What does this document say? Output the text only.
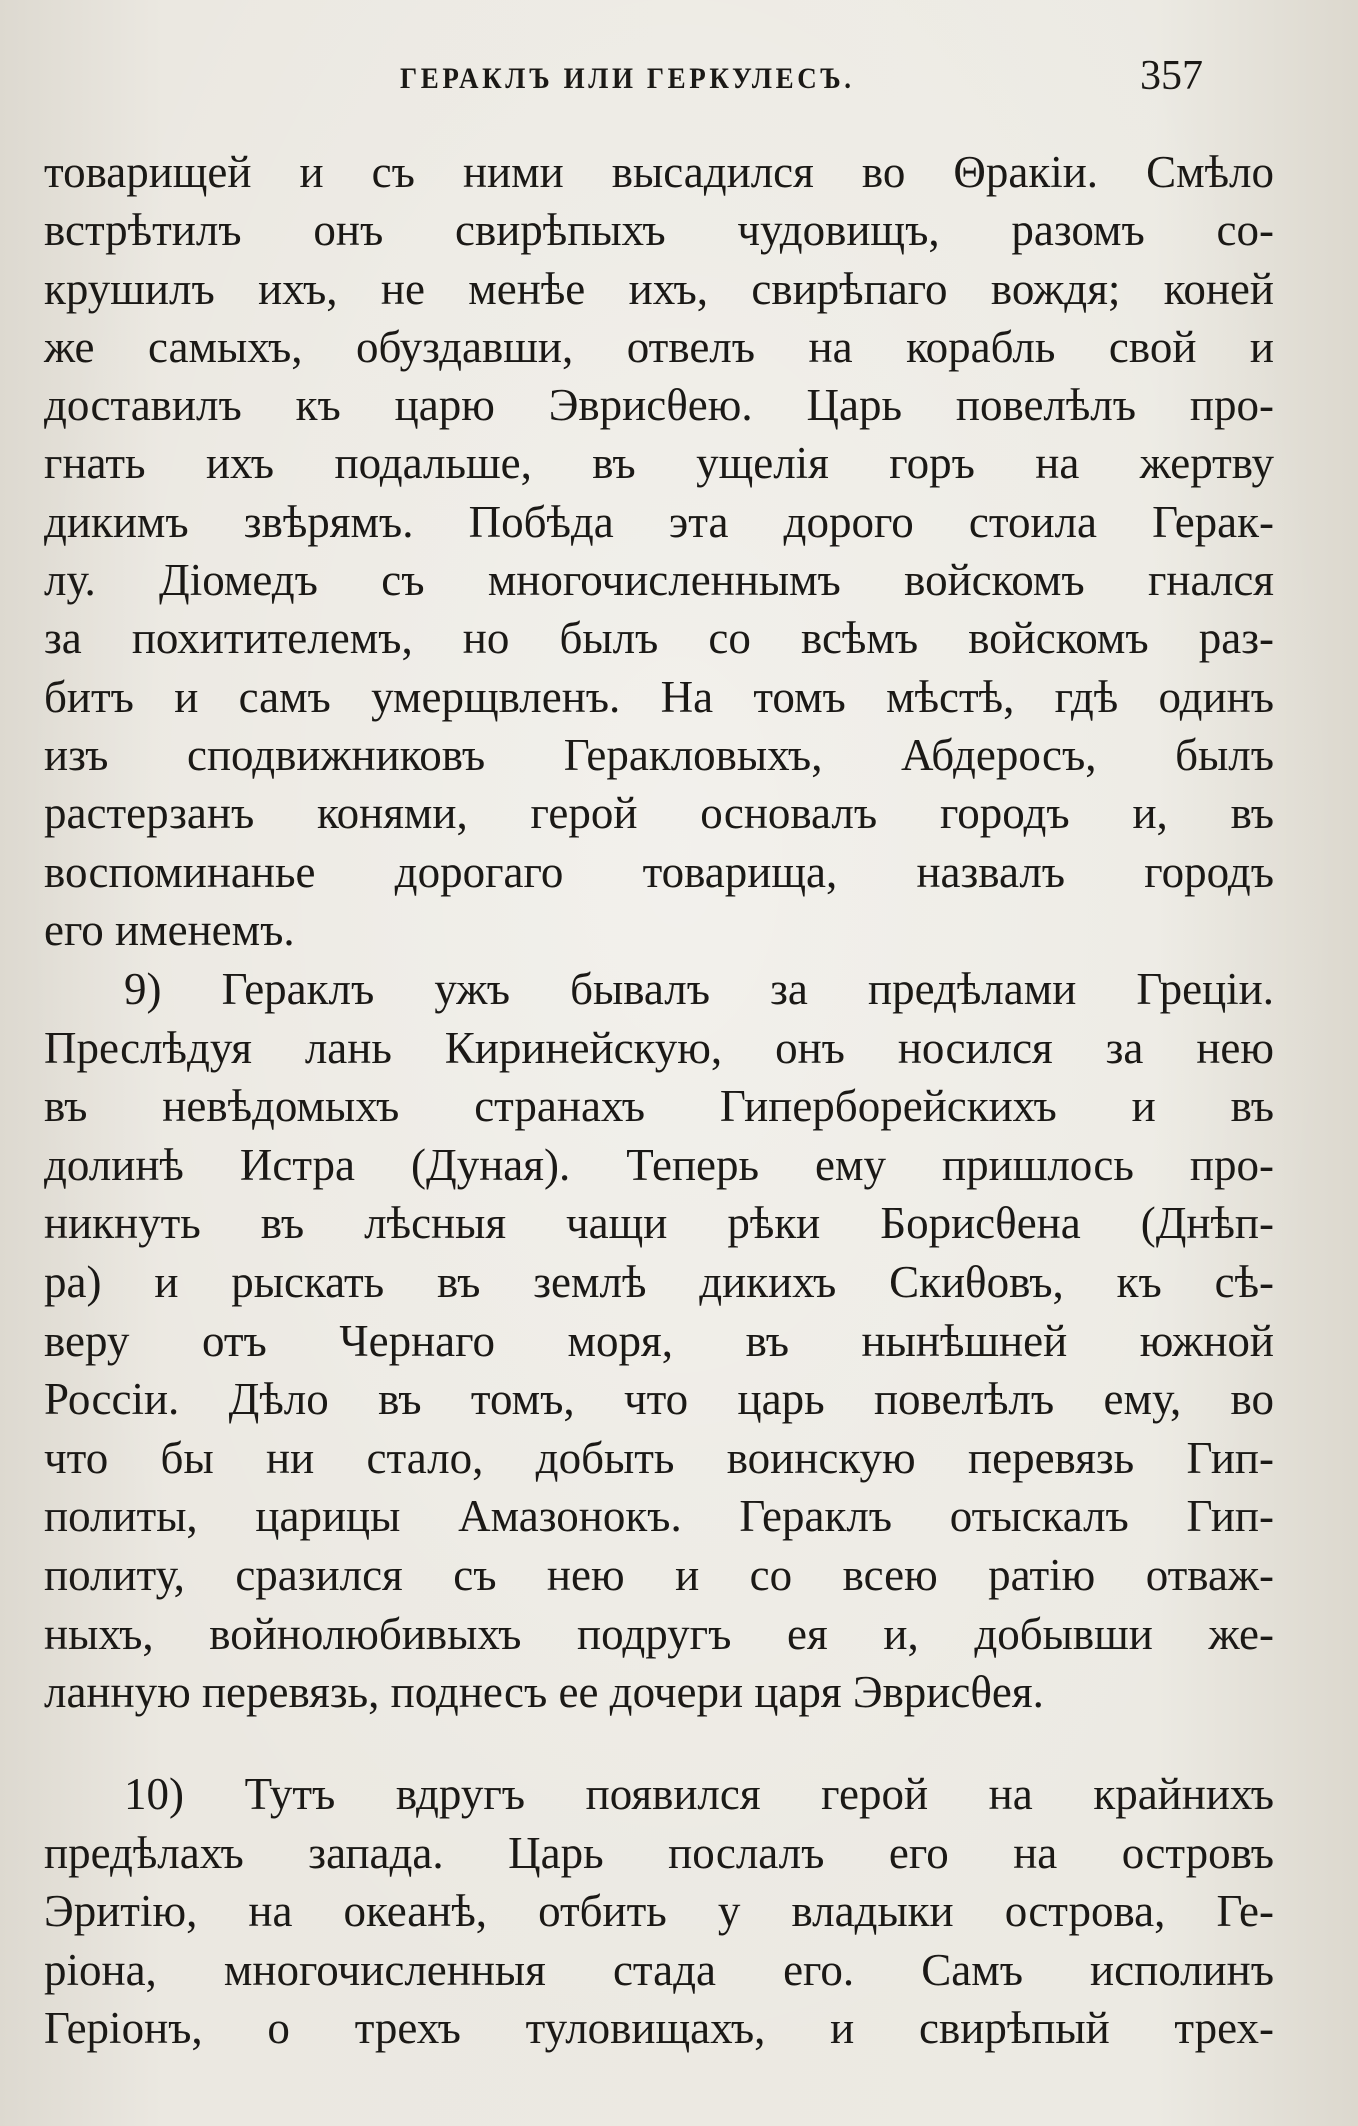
ГЕРАКЛЪ ИЛИ ГЕРКУЛЕСЪ.	357
товарищей и съ ними высадился во Θракіи. Смѣло
встрѣтилъ онъ свирѣпыхъ чудовищъ, разомъ со-
крушилъ ихъ, не менѣе ихъ, свирѣпаго вождя; коней
же самыхъ, обуздавши, отвелъ на корабль свой и
доставилъ къ царю Эврисθею. Царь повелѣлъ про-
гнать ихъ подальше, въ ущелія горъ на жертву
дикимъ звѣрямъ. Побѣда эта дорого стоила Герак-
лу. Діомедъ съ многочисленнымъ войскомъ гнался
за похитителемъ, но былъ со всѣмъ войскомъ раз-
битъ и самъ умерщвленъ. На томъ мѣстѣ, гдѣ одинъ
изъ сподвижниковъ Геракловыхъ, Абдеросъ, былъ
растерзанъ конями, герой основалъ городъ и, въ
воспоминанье дорогаго товарища, назвалъ городъ
его именемъ.
9) Гераклъ ужъ бывалъ за предѣлами Греціи.
Преслѣдуя лань Киринейскую, онъ носился за нею
въ невѣдомыхъ странахъ Гиперборейскихъ и въ
долинѣ Истра (Дуная). Теперь ему пришлось про-
никнуть въ лѣсныя чащи рѣки Борисθена (Днѣп-
ра) и рыскать въ землѣ дикихъ Скиθовъ, къ сѣ-
веру отъ Чернаго моря, въ нынѣшней южной
Россіи. Дѣло въ томъ, что царь повелѣлъ ему, во
что бы ни стало, добыть воинскую перевязь Гип-
политы, царицы Амазонокъ. Гераклъ отыскалъ Гип-
политу, сразился съ нею и со всею ратію отваж-
ныхъ, войнолюбивыхъ подругъ ея и, добывши же-
ланную перевязь, поднесъ ее дочери царя Эврисθея.
10) Тутъ вдругъ появился герой на крайнихъ
предѣлахъ запада. Царь послалъ его на островъ
Эритію, на океанѣ, отбить у владыки острова, Ге-
ріона, многочисленныя стада его. Самъ исполинъ
Геріонъ, о трехъ туловищахъ, и свирѣпый трех-
